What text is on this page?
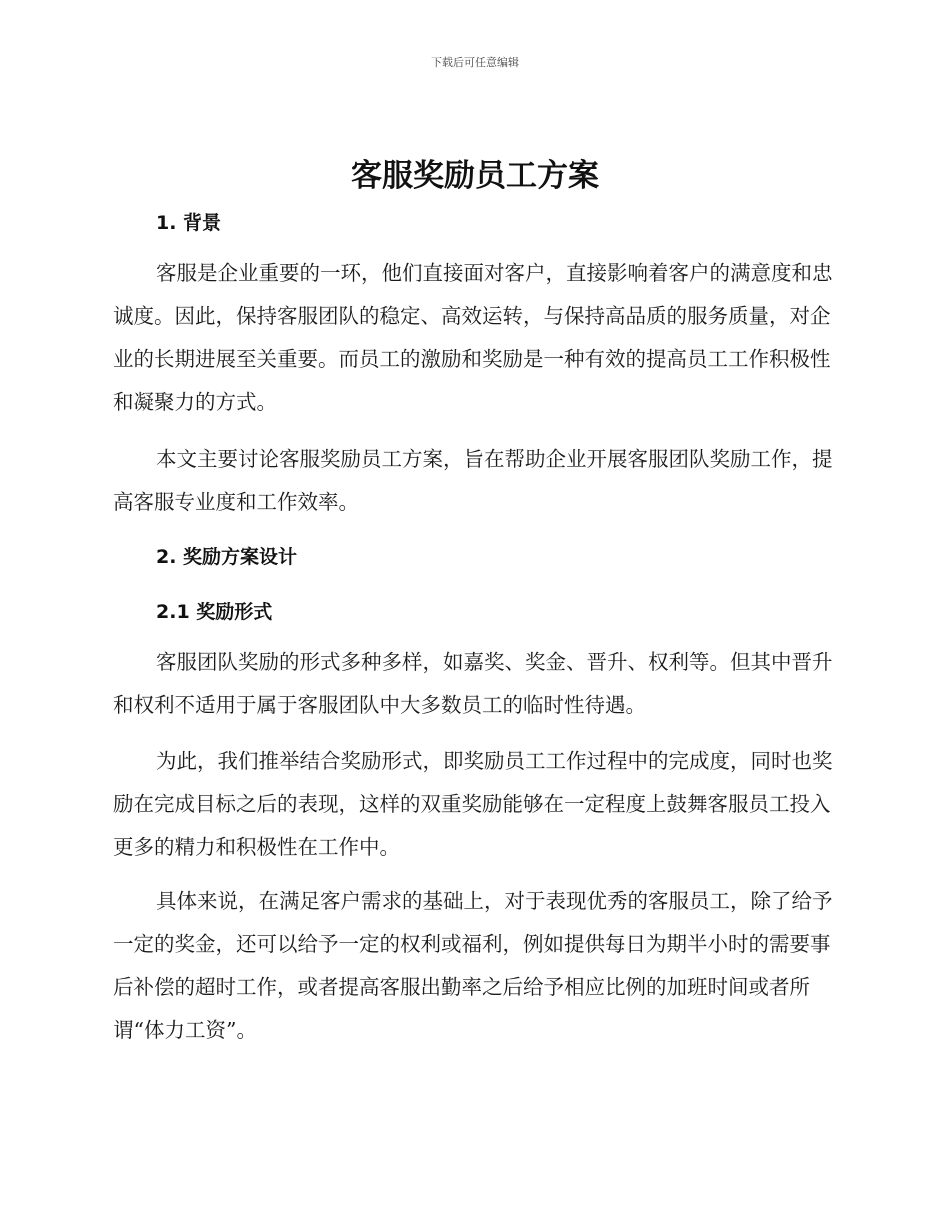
下载后可任意编辑
客服奖励员工方案
1. 背景

客服是企业重要的一环，他们直接面对客户，直接影响着客户的满意度和忠诚度。因此，保持客服团队的稳定、高效运转，与保持高品质的服务质量，对企业的长期进展至关重要。而员工的激励和奖励是一种有效的提高员工工作积极性和凝聚力的方式。

本文主要讨论客服奖励员工方案，旨在帮助企业开展客服团队奖励工作，提高客服专业度和工作效率。

2. 奖励方案设计
2.1 奖励形式

客服团队奖励的形式多种多样，如嘉奖、奖金、晋升、权利等。但其中晋升和权利不适用于属于客服团队中大多数员工的临时性待遇。

为此，我们推举结合奖励形式，即奖励员工工作过程中的完成度，同时也奖励在完成目标之后的表现，这样的双重奖励能够在一定程度上鼓舞客服员工投入更多的精力和积极性在工作中。

具体来说，在满足客户需求的基础上，对于表现优秀的客服员工，除了给予一定的奖金，还可以给予一定的权利或福利，例如提供每日为期半小时的需要事后补偿的超时工作，或者提高客服出勤率之后给予相应比例的加班时间或者所谓“体力工资”。
